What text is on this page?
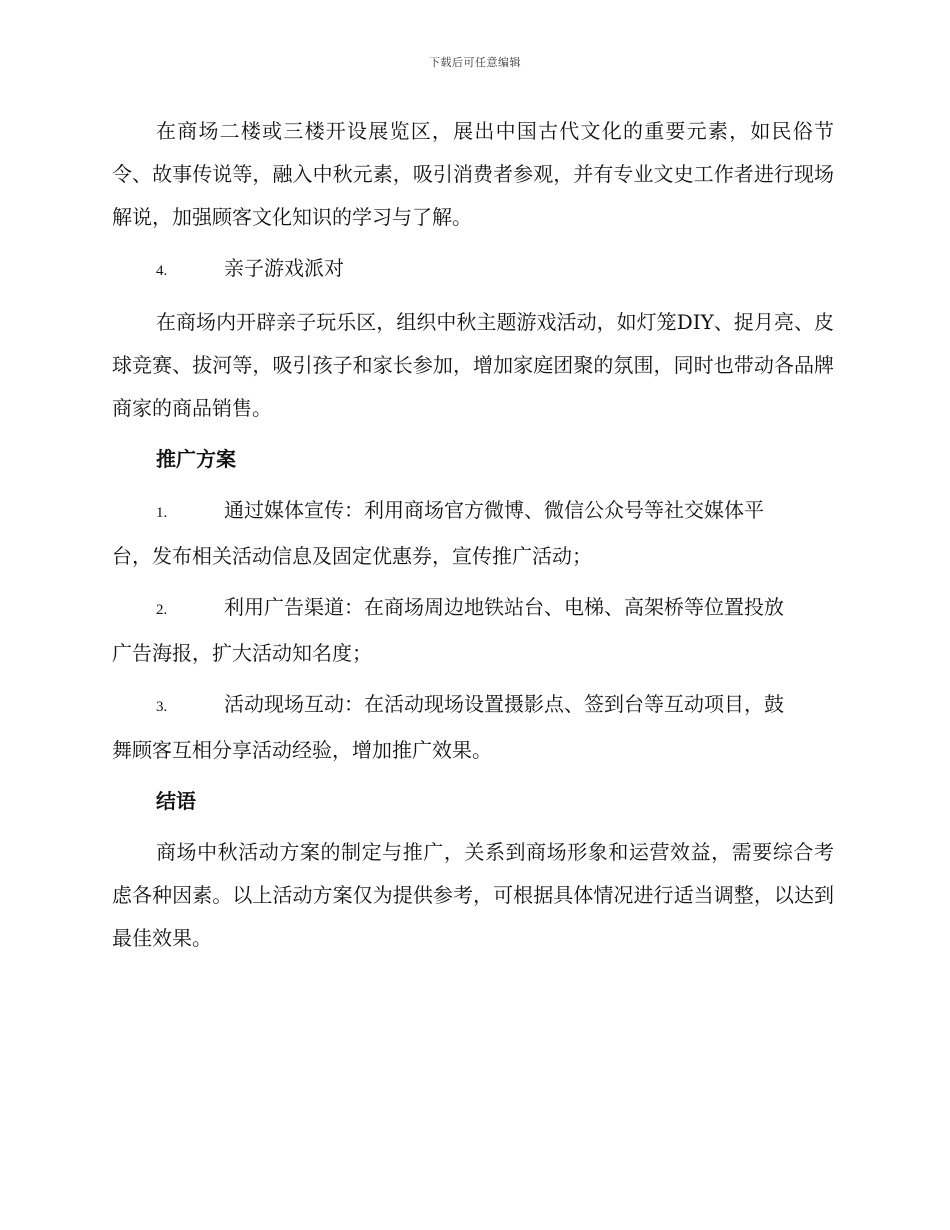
下载后可任意编辑

在商场二楼或三楼开设展览区，展出中国古代文化的重要元素，如民俗节令、故事传说等，融入中秋元素，吸引消费者参观，并有专业文史工作者进行现场解说，加强顾客文化知识的学习与了解。

4.	亲子游戏派对

在商场内开辟亲子玩乐区，组织中秋主题游戏活动，如灯笼DIY、捉月亮、皮球竞赛、拔河等，吸引孩子和家长参加，增加家庭团聚的氛围，同时也带动各品牌商家的商品销售。

推广方案

1.	通过媒体宣传：利用商场官方微博、微信公众号等社交媒体平

台，发布相关活动信息及固定优惠券，宣传推广活动；

2.	利用广告渠道：在商场周边地铁站台、电梯、高架桥等位置投放

广告海报，扩大活动知名度；

3.	活动现场互动：在活动现场设置摄影点、签到台等互动项目，鼓

舞顾客互相分享活动经验，增加推广效果。

结语

商场中秋活动方案的制定与推广，关系到商场形象和运营效益，需要综合考虑各种因素。以上活动方案仅为提供参考，可根据具体情况进行适当调整，以达到最佳效果。
